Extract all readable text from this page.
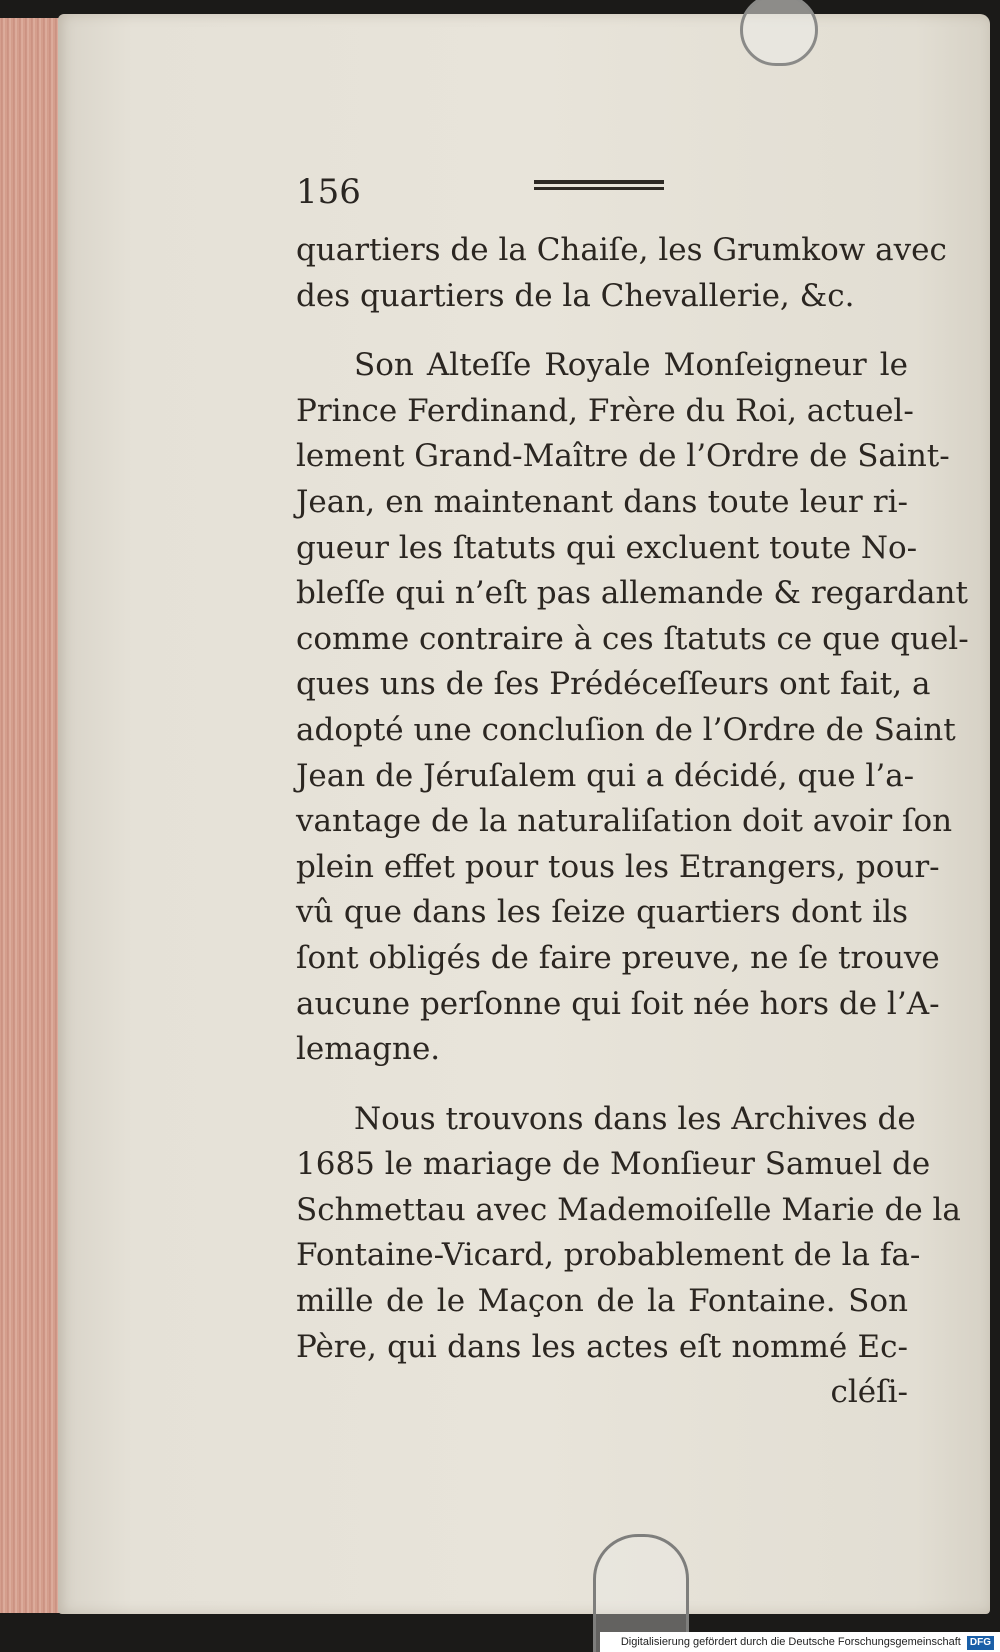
156
quartiers de la Chaiſe, les Grumkow avec
des quartiers de la Chevallerie, &c.
Son Alteſſe Royale Monſeigneur le
Prince Ferdinand, Frère du Roi, actuel-
lement Grand-Maître de l’Ordre de Saint-
Jean, en maintenant dans toute leur ri-
gueur les ſtatuts qui excluent toute No-
bleſſe qui n’eſt pas allemande & regardant
comme contraire à ces ſtatuts ce que quel-
ques uns de ſes Prédéceſſeurs ont fait, a
adopté une concluſion de l’Ordre de Saint
Jean de Jéruſalem qui a décidé, que l’a-
vantage de la naturaliſation doit avoir ſon
plein effet pour tous les Etrangers, pour-
vû que dans les ſeize quartiers dont ils
ſont obligés de faire preuve, ne ſe trouve
aucune perſonne qui ſoit née hors de l’A-
lemagne.
Nous trouvons dans les Archives de
1685 le mariage de Monſieur Samuel de
Schmettau avec Mademoiſelle Marie de la
Fontaine-Vicard, probablement de la fa-
mille de le Maçon de la Fontaine. Son
Père, qui dans les actes eſt nommé Ec-
cléſi-
Digitalisierung gefördert durch die Deutsche Forschungsgemeinschaft DFG
